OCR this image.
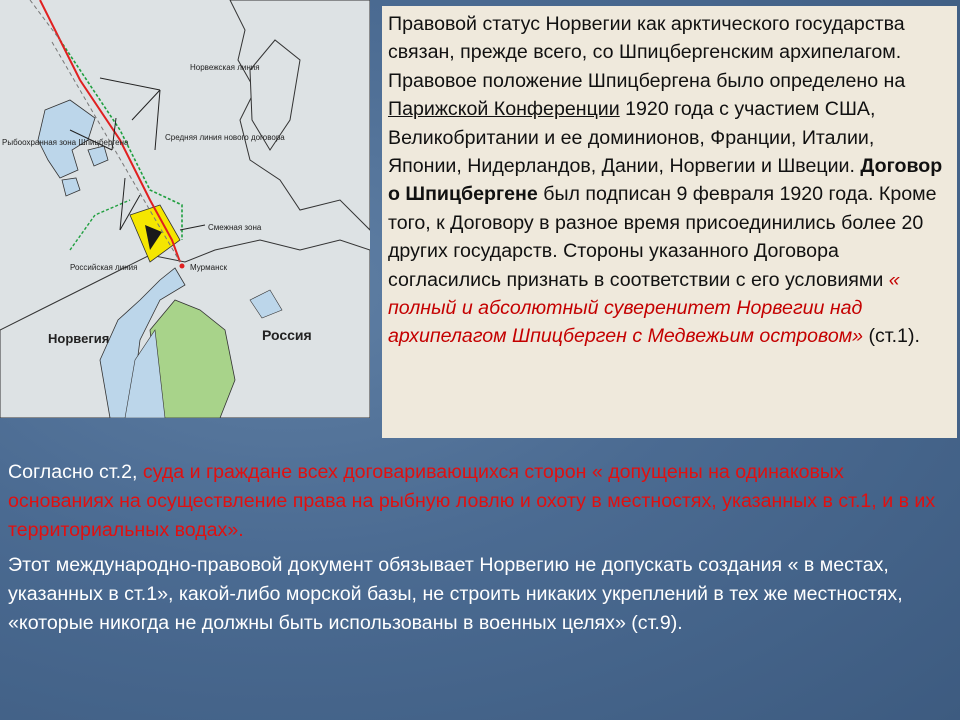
Норвежская линия
Рыбоохранная зона Шпицбергена
Средняя линия нового договора
Смежная зона
Российская линия	Мурманск
Норвегия	Россия

Правовой статус Норвегии как арктического государства связан, прежде всего, со Шпицбергенским архипелагом. Правовое положение Шпицбергена было определено на Парижской Конференции 1920 года с участием США, Великобритании и ее доминионов, Франции, Италии, Японии, Нидерландов, Дании, Норвегии и Швеции. Договор о Шпицбергене был подписан 9 февраля 1920 года. Кроме того, к Договору в разное время присоединились более 20 других государств. Стороны указанного Договора согласились признать в соответствии с его условиями « полный и абсолютный суверенитет Норвегии над архипелагом Шпицберген с Медвежьим островом» (ст.1).

Согласно ст.2, суда и граждане всех договаривающихся сторон « допущены на одинаковых основаниях на осуществление права на рыбную ловлю и охоту в местностях, указанных в ст.1, и в их территориальных водах».

Этот международно-правовой документ обязывает Норвегию не допускать создания « в местах, указанных в ст.1», какой-либо морской базы, не строить никаких укреплений в тех же местностях, «которые никогда не должны быть использованы в военных целях» (ст.9).
